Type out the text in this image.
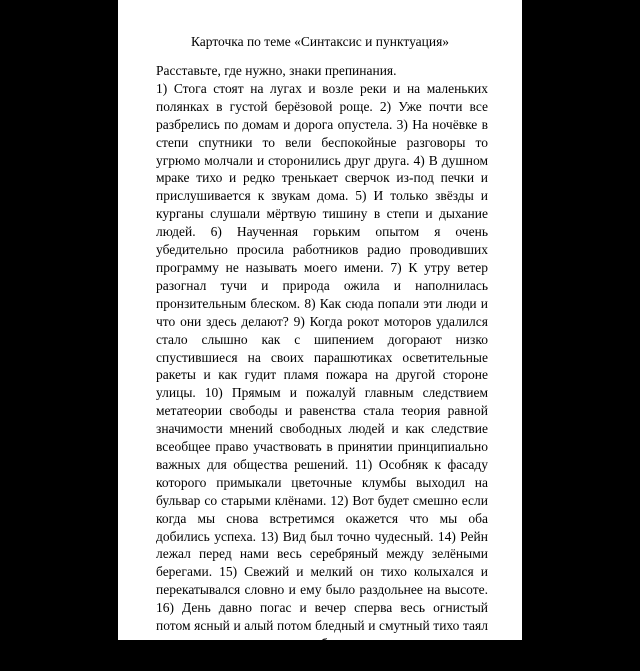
Карточка по теме «Синтаксис и пунктуация»

Расставьте, где нужно, знаки препинания.

1) Стога стоят на лугах и возле реки и на маленьких полянках в густой берёзовой роще. 2) Уже почти все разбрелись по домам и дорога опустела. 3) На ночёвке в степи спутники то вели беспокойные разговоры то угрюмо молчали и сторонились друг друга. 4) В душном мраке тихо и редко тренькает сверчок из-под печки и прислушивается к звукам дома. 5) И только звёзды и курганы слушали мёртвую тишину в степи и дыхание людей. 6) Наученная горьким опытом я очень убедительно просила работников радио проводивших программу не называть моего имени. 7) К утру ветер разогнал тучи и природа ожила и наполнилась пронзительным блеском. 8) Как сюда попали эти люди и что они здесь делают? 9) Когда рокот моторов удалился стало слышно как с шипением догорают низко спустившиеся на своих парашютиках осветительные ракеты и как гудит пламя пожара на другой стороне улицы. 10) Прямым и пожалуй главным следствием метатеории свободы и равенства стала теория равной значимости мнений свободных людей и как следствие всеобщее право участвовать в принятии принципиально важных для общества решений. 11) Особняк к фасаду которого примыкали цветочные клумбы выходил на бульвар со старыми клёнами. 12) Вот будет смешно если когда мы снова встретимся окажется что мы оба добились успеха. 13) Вид был точно чудесный. 14) Рейн лежал перед нами весь серебряный между зелёными берегами. 15) Свежий и мелкий он тихо колыхался и перекатывался словно и ему было раздольнее на высоте. 16) День давно погас и вечер сперва весь огнистый потом ясный и алый потом бледный и смутный тихо таял и переливался в ночь а беседа наша продолжалась мирная и кроткая как воздух окружающий нас.
